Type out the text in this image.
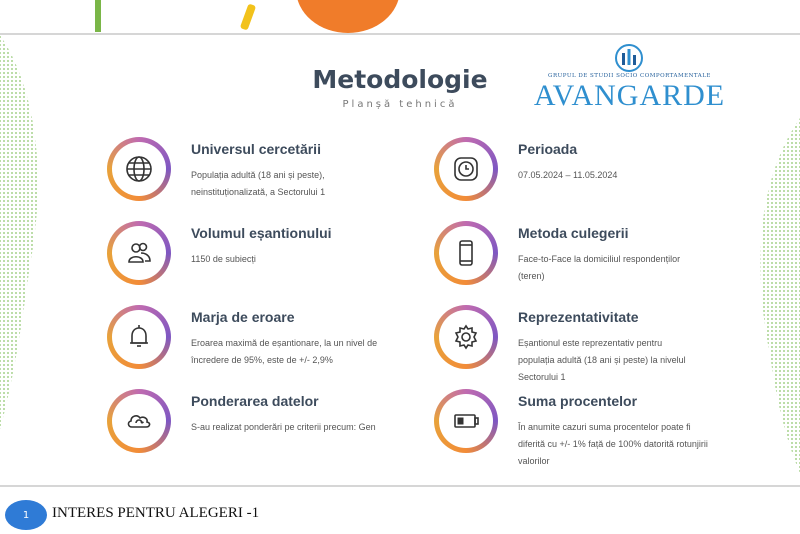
Metodologie
Planșă tehnică
GRUPUL DE STUDII SOCIO COMPORTAMENTALE
AVANGARDE
Universul cercetării
Populația adultă (18 ani și peste), neinstituționalizată, a Sectorului 1
Perioada
07.05.2024 – 11.05.2024
Volumul eșantionului
1150 de subiecți
Metoda culegerii
Face-to-Face la domiciliul respondenților (teren)
Marja de eroare
Eroarea maximă de eșantionare, la un nivel de încredere de 95%, este de +/- 2,9%
Reprezentativitate
Eșantionul este reprezentativ pentru populația adultă (18 ani și peste) la nivelul Sectorului 1
Ponderarea datelor
S-au realizat ponderări pe criterii precum: Gen
Suma procentelor
În anumite cazuri suma procentelor poate fi diferită cu +/- 1% față de 100% datorită rotunjirii valorilor
1	INTERES PENTRU ALEGERI -1
